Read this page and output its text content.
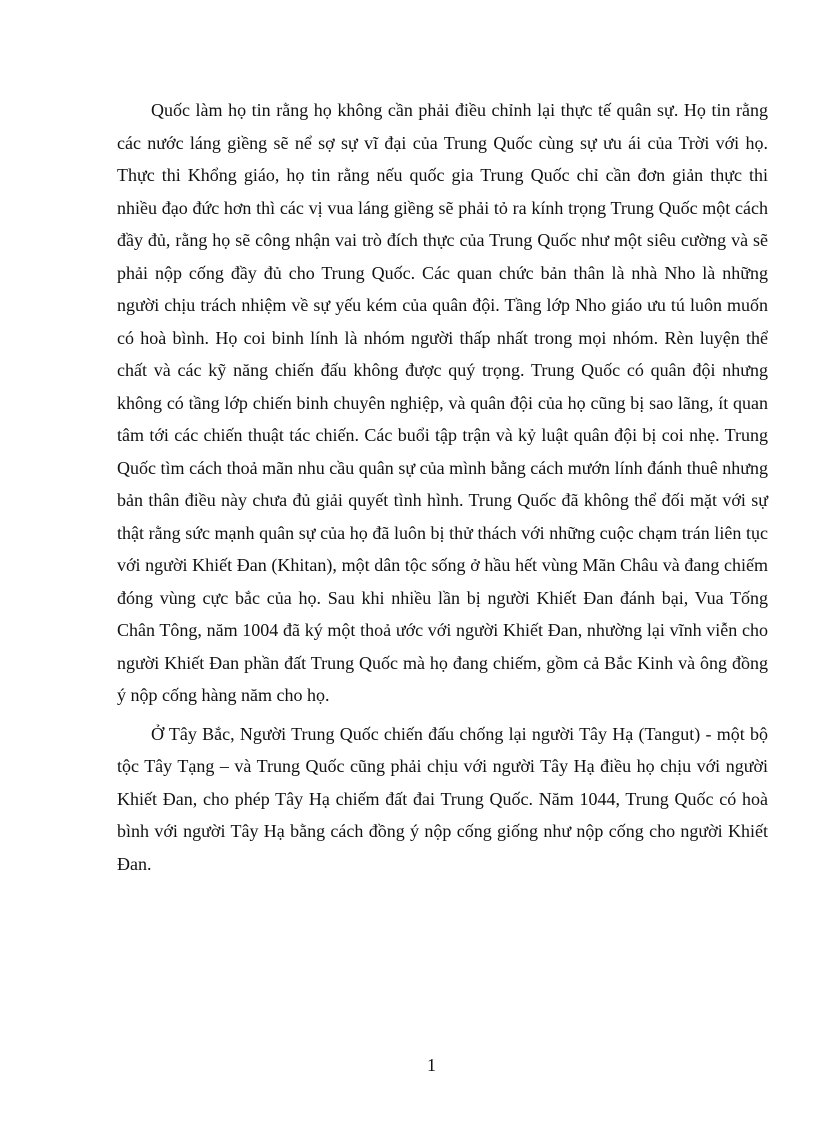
Quốc làm họ tin rằng họ không cần phải điều chỉnh lại thực tế quân sự. Họ tin rằng các nước láng giềng sẽ nể sợ sự vĩ đại của Trung Quốc cùng sự ưu ái của Trời với họ. Thực thi Khổng giáo, họ tin rằng nếu quốc gia Trung Quốc chỉ cần đơn giản thực thi nhiều đạo đức hơn thì các vị vua láng giềng sẽ phải tỏ ra kính trọng Trung Quốc một cách đầy đủ, rằng họ sẽ công nhận vai trò đích thực của Trung Quốc như một siêu cường và sẽ phải nộp cống đầy đủ cho Trung Quốc. Các quan chức bản thân là nhà Nho là những người chịu trách nhiệm về sự yếu kém của quân đội. Tầng lớp Nho giáo ưu tú luôn muốn có hoà bình. Họ coi binh lính là nhóm người thấp nhất trong mọi nhóm. Rèn luyện thể chất và các kỹ năng chiến đấu không được quý trọng. Trung Quốc có quân đội nhưng không có tầng lớp chiến binh chuyên nghiệp, và quân đội của họ cũng bị sao lãng, ít quan tâm tới các chiến thuật tác chiến. Các buổi tập trận và kỷ luật quân đội bị coi nhẹ. Trung Quốc tìm cách thoả mãn nhu cầu quân sự của mình bằng cách mướn lính đánh thuê nhưng bản thân điều này chưa đủ giải quyết tình hình. Trung Quốc đã không thể đối mặt với sự thật rằng sức mạnh quân sự của họ đã luôn bị thử thách với những cuộc chạm trán liên tục với người Khiết Đan (Khitan), một dân tộc sống ở hầu hết vùng Mãn Châu và đang chiếm đóng vùng cực bắc của họ. Sau khi nhiều lần bị người Khiết Đan đánh bại, Vua Tống Chân Tông, năm 1004 đã ký một thoả ước với người Khiết Đan, nhường lại vĩnh viễn cho người Khiết Đan phần đất Trung Quốc mà họ đang chiếm, gồm cả Bắc Kinh và ông đồng ý nộp cống hàng năm cho họ.

Ở Tây Bắc, Người Trung Quốc chiến đấu chống lại người Tây Hạ (Tangut) - một bộ tộc Tây Tạng – và Trung Quốc cũng phải chịu với người Tây Hạ điều họ chịu với người Khiết Đan, cho phép Tây Hạ chiếm đất đai Trung Quốc. Năm 1044, Trung Quốc có hoà bình với người Tây Hạ bằng cách đồng ý nộp cống giống như nộp cống cho người Khiết Đan.

1
